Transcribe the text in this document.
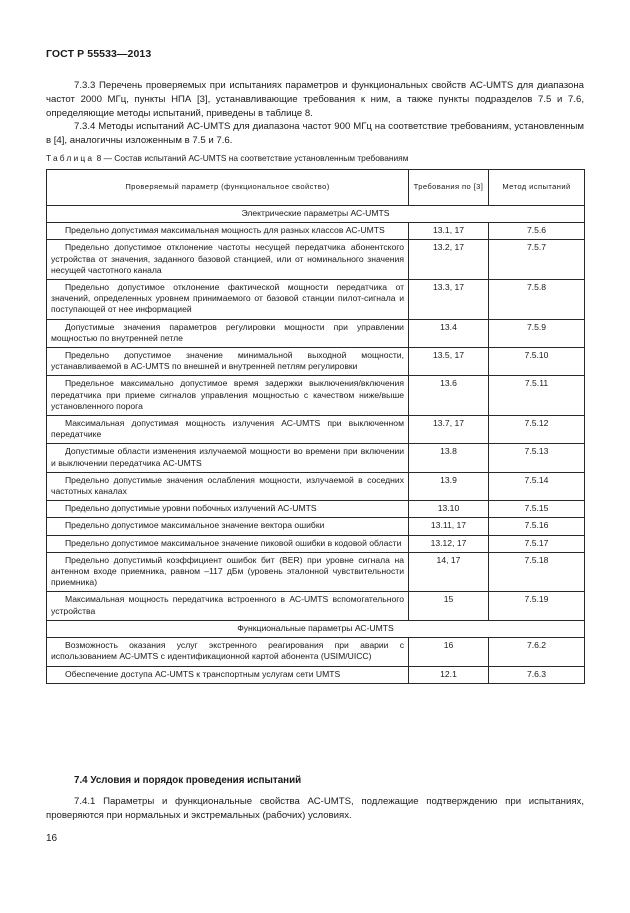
ГОСТ Р 55533—2013

7.3.3 Перечень проверяемых при испытаниях параметров и функциональных свойств АС-UMTS для диапазона частот 2000 МГц, пункты НПА [3], устанавливающие требования к ним, а также пункты подразделов 7.5 и 7.6, определяющие методы испытаний, приведены в таблице 8.

7.3.4 Методы испытаний АС-UMTS для диапазона частот 900 МГц на соответствие требованиям, установленным в [4], аналогичны изложенным в 7.5 и 7.6.

Таблица 8 — Состав испытаний АС-UMTS на соответствие установленным требованиям
Проверяемый параметр (функциональное свойство)	Требования по [3]	Метод испытаний
Электрические параметры АС-UMTS		

Предельно допустимая максимальная мощность для разных классов АС-UMTS	13.1, 17	7.5.6

Предельно допустимое отклонение частоты несущей передатчика абонентского устройства от значения, заданного базовой станцией, или от номинального значения несущей частотного канала	13.2, 17	7.5.7

Предельно допустимое отклонение фактической мощности передатчика от значений, определенных уровнем принимаемого от базовой станции пилот-сигнала и поступающей от нее информацией	13.3, 17	7.5.8

Допустимые значения параметров регулировки мощности при управлении мощностью по внутренней петле	13.4	7.5.9

Предельно допустимое значение минимальной выходной мощности, устанавливаемой в АС-UMTS по внешней и внутренней петлям регулировки	13.5, 17	7.5.10

Предельное максимально допустимое время задержки выключения/включения передатчика при приеме сигналов управления мощностью с качеством ниже/выше установленного порога	13.6	7.5.11

Максимальная допустимая мощность излучения АС-UMTS при выключенном передатчике	13.7, 17	7.5.12

Допустимые области изменения излучаемой мощности во времени при включении и выключении передатчика АС-UMTS	13.8	7.5.13

Предельно допустимые значения ослабления мощности, излучаемой в соседних частотных каналах	13.9	7.5.14

Предельно допустимые уровни побочных излучений АС-UMTS	13.10	7.5.15

Предельно допустимое максимальное значение вектора ошибки	13.11, 17	7.5.16

Предельно допустимое максимальное значение пиковой ошибки в кодовой области	13.12, 17	7.5.17

Предельно допустимый коэффициент ошибок бит (BER) при уровне сигнала на антенном входе приемника, равном –117 дБм (уровень эталонной чувствительности приемника)	14, 17	7.5.18

Максимальная мощность передатчика встроенного в АС-UMTS вспомогательного устройства	15	7.5.19
Функциональные параметры АС-UMTS		

Возможность оказания услуг экстренного реагирования при аварии с использованием АС-UMTS с идентификационной картой абонента (USIM/UICC)	16	7.6.2

Обеспечение доступа АС-UMTS к транспортным услугам сети UMTS	12.1	7.6.3
7.4 Условия и порядок проведения испытаний

7.4.1 Параметры и функциональные свойства АС-UMTS, подлежащие подтверждению при испытаниях, проверяются при нормальных и экстремальных (рабочих) условиях.

16
